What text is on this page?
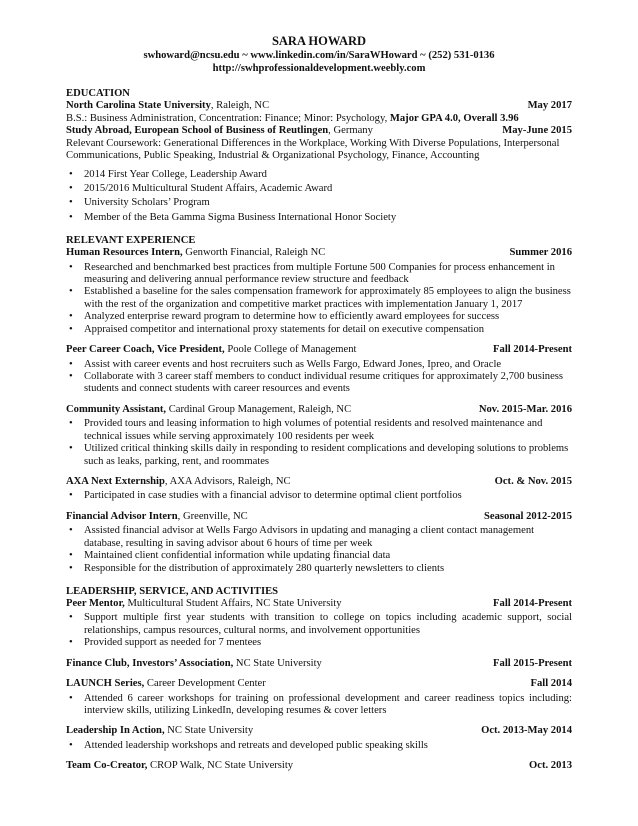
SARA HOWARD
swhoward@ncsu.edu ~ www.linkedin.com/in/SaraWHoward ~ (252) 531-0136
http://swhprofessionaldevelopment.weebly.com
EDUCATION
North Carolina State University, Raleigh, NC	May 2017
B.S.: Business Administration, Concentration: Finance; Minor: Psychology, Major GPA 4.0, Overall 3.96
Study Abroad, European School of Business of Reutlingen, Germany	May-June 2015
Relevant Coursework: Generational Differences in the Workplace, Working With Diverse Populations, Interpersonal Communications, Public Speaking, Industrial & Organizational Psychology, Finance, Accounting
• 2014 First Year College, Leadership Award
• 2015/2016 Multicultural Student Affairs, Academic Award
• University Scholars’ Program
• Member of the Beta Gamma Sigma Business International Honor Society
RELEVANT EXPERIENCE
Human Resources Intern, Genworth Financial, Raleigh NC	Summer 2016
• Researched and benchmarked best practices from multiple Fortune 500 Companies for process enhancement in measuring and delivering annual performance review structure and feedback
• Established a baseline for the sales compensation framework for approximately 85 employees to align the business with the rest of the organization and competitive market practices with implementation January 1, 2017
• Analyzed enterprise reward program to determine how to efficiently award employees for success
• Appraised competitor and international proxy statements for detail on executive compensation
Peer Career Coach, Vice President, Poole College of Management	Fall 2014-Present
• Assist with career events and host recruiters such as Wells Fargo, Edward Jones, Ipreo, and Oracle
• Collaborate with 3 career staff members to conduct individual resume critiques for approximately 2,700 business students and connect students with career resources and events
Community Assistant, Cardinal Group Management, Raleigh, NC	Nov. 2015-Mar. 2016
• Provided tours and leasing information to high volumes of potential residents and resolved maintenance and technical issues while serving approximately 100 residents per week
• Utilized critical thinking skills daily in responding to resident complications and developing solutions to problems such as leaks, parking, rent, and roommates
AXA Next Externship, AXA Advisors, Raleigh, NC	Oct. & Nov. 2015
• Participated in case studies with a financial advisor to determine optimal client portfolios
Financial Advisor Intern, Greenville, NC	Seasonal 2012-2015
• Assisted financial advisor at Wells Fargo Advisors in updating and managing a client contact management database, resulting in saving advisor about 6 hours of time per week
• Maintained client confidential information while updating financial data
• Responsible for the distribution of approximately 280 quarterly newsletters to clients
LEADERSHIP, SERVICE, AND ACTIVITIES
Peer Mentor, Multicultural Student Affairs, NC State University	Fall 2014-Present
• Support multiple first year students with transition to college on topics including academic support, social relationships, campus resources, cultural norms, and involvement opportunities
• Provided support as needed for 7 mentees
Finance Club, Investors’ Association, NC State University	Fall 2015-Present
LAUNCH Series, Career Development Center	Fall 2014
• Attended 6 career workshops for training on professional development and career readiness topics including: interview skills, utilizing LinkedIn, developing resumes & cover letters
Leadership In Action, NC State University	Oct. 2013-May 2014
• Attended leadership workshops and retreats and developed public speaking skills
Team Co-Creator, CROP Walk, NC State University	Oct. 2013
